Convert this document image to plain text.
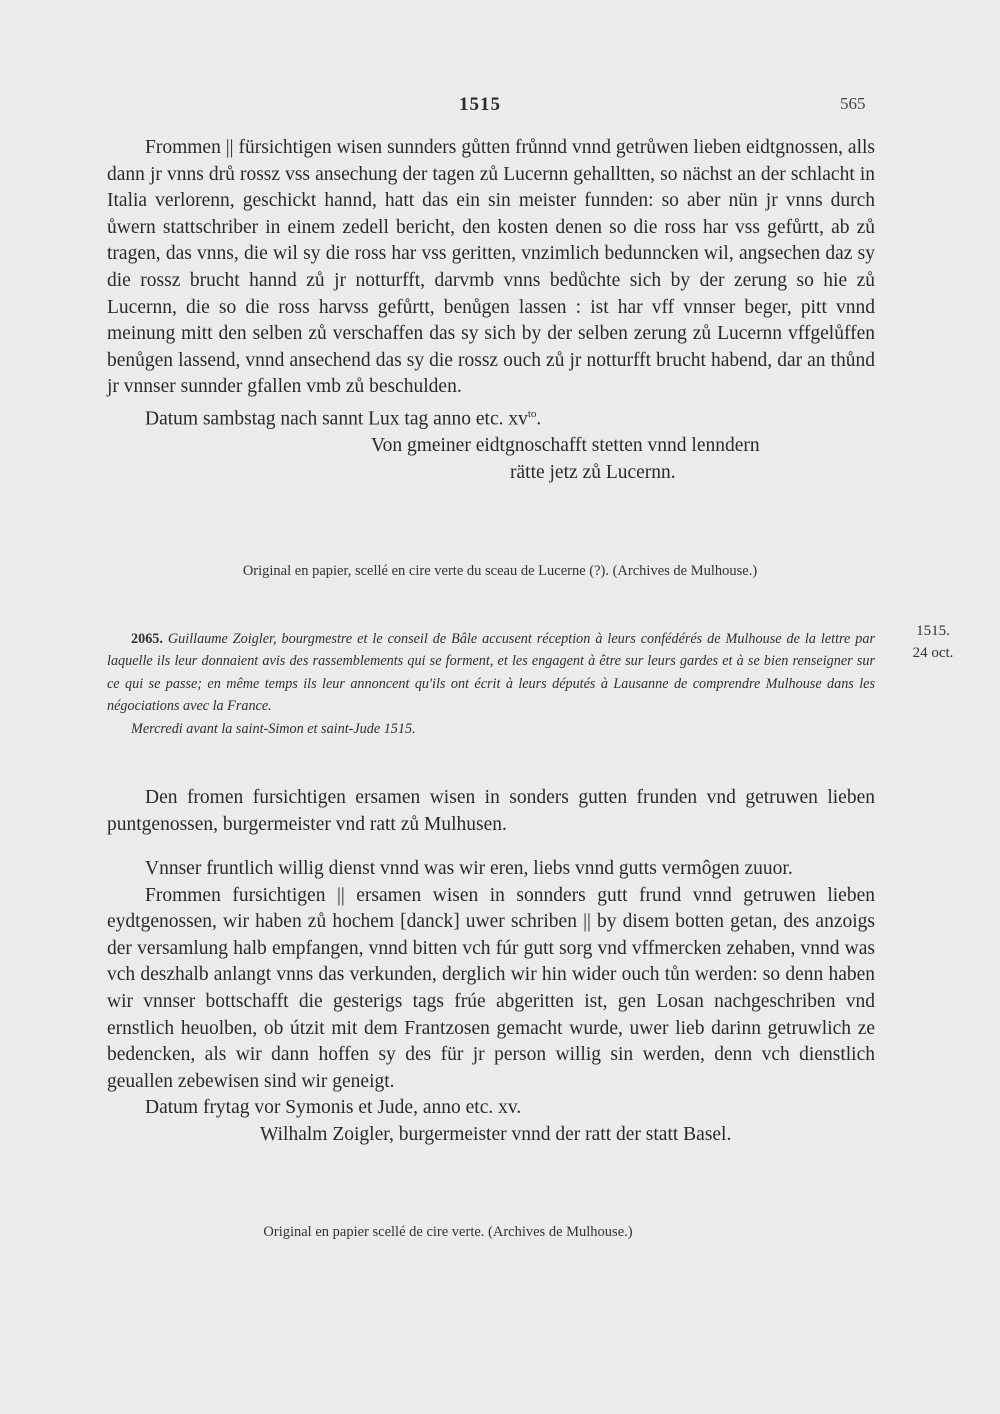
1515	565

Frommen || fürsichtigen wisen sunnders gůtten frůnnd vnnd getrůwen lieben eidtgnossen, alls dann jr vnns drů rossz vss ansechung der tagen zů Lucernn gehalltten, so nächst an der schlacht in Italia verlorenn, geschickt hannd, hatt das ein sin meister funnden: so aber nün jr vnns durch ůwern stattschriber in einem zedell bericht, den kosten denen so die ross har vss gefůrtt, ab zů tragen, das vnns, die wil sy die ross har vss geritten, vnzimlich bedunncken wil, angsechen daz sy die rossz brucht hannd zů jr notturfft, darvmb vnns bedůchte sich by der zerung so hie zů Lucernn, die so die ross harvss gefůrtt, benůgen lassen : ist har vff vnnser beger, pitt vnnd meinung mitt den selben zů verschaffen das sy sich by der selben zerung zů Lucernn vffgelůffen benůgen lassend, vnnd ansechend das sy die rossz ouch zů jr notturfft brucht habend, dar an thůnd jr vnnser sunnder gfallen vmb zů beschulden.

Datum sambstag nach sannt Lux tag anno etc. $xv^{to}$.

Von gmeiner eidtgnoschafft stetten vnnd lenndern

rätte jetz zů Lucernn.

Original en papier, scellé en cire verte du sceau de Lucerne (?). (Archives de Mulhouse.)

2065. Guillaume Zoigler, bourgmestre et le conseil de Bâle accusent réception à leurs confédérés de Mulhouse de la lettre par laquelle ils leur donnaient avis des rassemblements qui se forment, et les engagent à être sur leurs gardes et à se bien renseigner sur ce qui se passe; en même temps ils leur annoncent qu'ils ont écrit à leurs députés à Lausanne de comprendre Mulhouse dans les négociations avec la France.

Mercredi avant la saint-Simon et saint-Jude 1515.

1515.
24 oct.

Den fromen fursichtigen ersamen wisen in sonders gutten frunden vnd getruwen lieben puntgenossen, burgermeister vnd ratt zů Mulhusen.

Vnnser fruntlich willig dienst vnnd was wir eren, liebs vnnd gutts vermôgen zuuor.

Frommen fursichtigen || ersamen wisen in sonnders gutt frund vnnd getruwen lieben eydtgenossen, wir haben zů hochem [danck] uwer schriben || by disem botten getan, des anzoigs der versamlung halb empfangen, vnnd bitten vch fúr gutt sorg vnd vffmercken zehaben, vnnd was vch deszhalb anlangt vnns das verkunden, derglich wir hin wider ouch tůn werden: so denn haben wir vnnser bottschafft die gesterigs tags frúe abgeritten ist, gen Losan nachgeschriben vnd ernstlich heuolben, ob útzit mit dem Frantzosen gemacht wurde, uwer lieb darinn getruwlich ze bedencken, als wir dann hoffen sy des für jr person willig sin werden, denn vch dienstlich geuallen zebewisen sind wir geneigt.

Datum frytag vor Symonis et Jude, anno etc. xv.

Wilhalm Zoigler, burgermeister vnnd der ratt der statt Basel.

Original en papier scellé de cire verte. (Archives de Mulhouse.)
